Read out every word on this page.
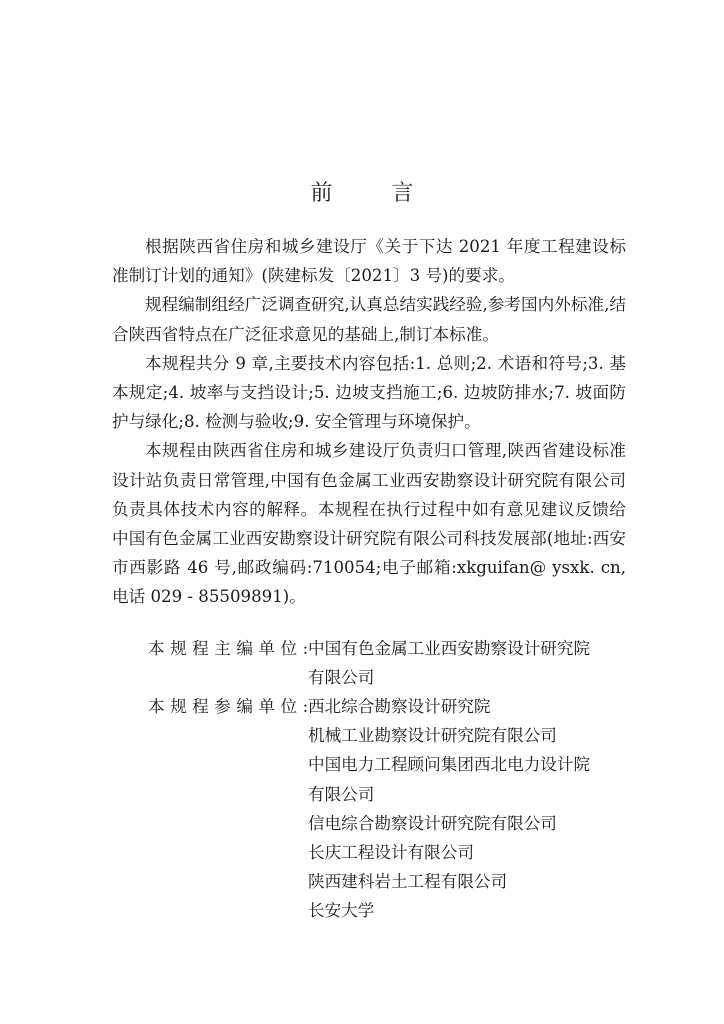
前 言

根据陕西省住房和城乡建设厅《关于下达 2021 年度工程建设标准制订计划的通知》(陕建标发〔2021〕3 号)的要求。

规程编制组经广泛调查研究,认真总结实践经验,参考国内外标准,结合陕西省特点在广泛征求意见的基础上,制订本标准。

本规程共分 9 章,主要技术内容包括:1. 总则;2. 术语和符号;3. 基本规定;4. 坡率与支挡设计;5. 边坡支挡施工;6. 边坡防排水;7. 坡面防护与绿化;8. 检测与验收;9. 安全管理与环境保护。

本规程由陕西省住房和城乡建设厅负责归口管理,陕西省建设标准设计站负责日常管理,中国有色金属工业西安勘察设计研究院有限公司负责具体技术内容的解释。本规程在执行过程中如有意见建议反馈给中国有色金属工业西安勘察设计研究院有限公司科技发展部(地址:西安市西影路 46 号,邮政编码:710054;电子邮箱:xkguifan@ ysxk. cn,电话 029 - 85509891)。

本规程主编单位:
中国有色金属工业西安勘察设计研究院
有限公司
本规程参编单位:
西北综合勘察设计研究院
机械工业勘察设计研究院有限公司
中国电力工程顾问集团西北电力设计院
有限公司
信电综合勘察设计研究院有限公司
长庆工程设计有限公司
陕西建科岩土工程有限公司
长安大学
